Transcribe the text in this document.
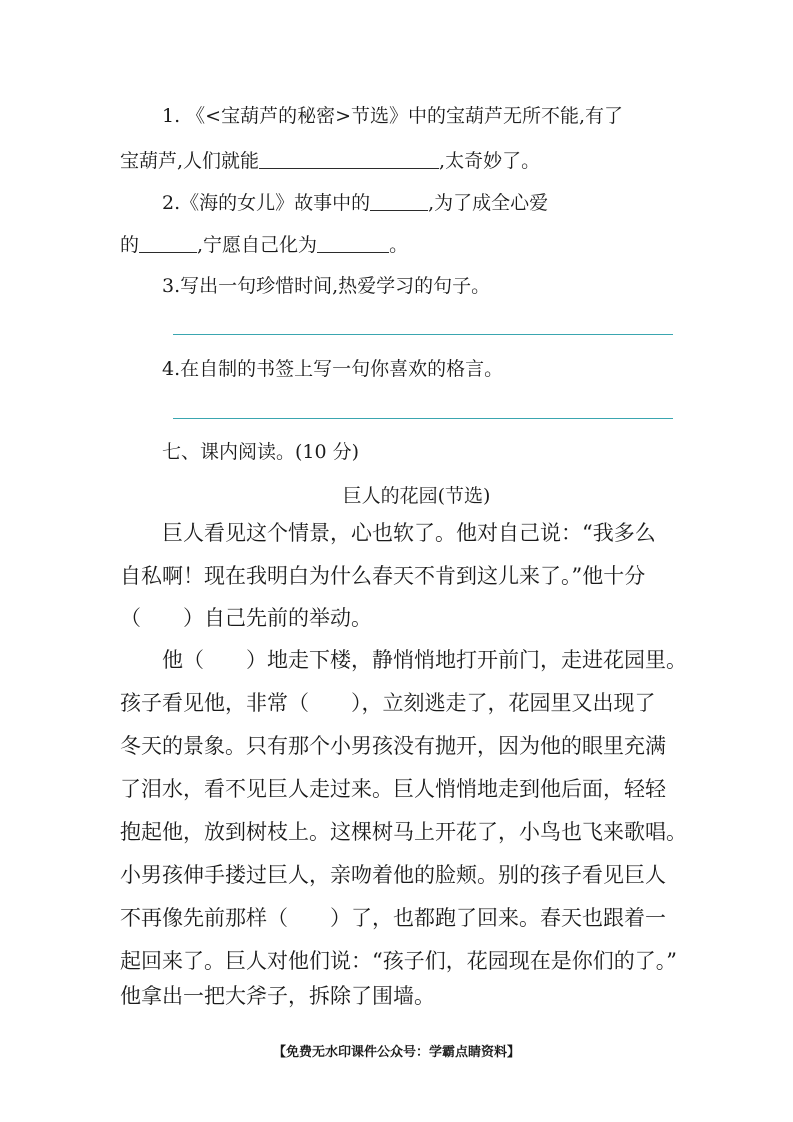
1. 《<宝葫芦的秘密>节选》中的宝葫芦无所不能,有了
宝葫芦,人们就能	,太奇妙了。
2.《海的女儿》故事中的	,为了成全心爱
的	,宁愿自己化为	。
3.写出一句珍惜时间,热爱学习的句子。
4.在自制的书签上写一句你喜欢的格言。
七、课内阅读。(10 分)
巨人的花园(节选)
巨人看见这个情景，心也软了。他对自己说：“我多么
自私啊！现在我明白为什么春天不肯到这儿来了。”他十分
（　　）自己先前的举动。
他（　　）地走下楼，静悄悄地打开前门，走进花园里。
孩子看见他，非常（　　），立刻逃走了，花园里又出现了
冬天的景象。只有那个小男孩没有抛开，因为他的眼里充满
了泪水，看不见巨人走过来。巨人悄悄地走到他后面，轻轻
抱起他，放到树枝上。这棵树马上开花了，小鸟也飞来歌唱。
小男孩伸手搂过巨人，亲吻着他的脸颊。别的孩子看见巨人
不再像先前那样（　　）了，也都跑了回来。春天也跟着一
起回来了。巨人对他们说：“孩子们，花园现在是你们的了。”
他拿出一把大斧子，拆除了围墙。
【免费无水印课件公众号：学霸点睛资料】
